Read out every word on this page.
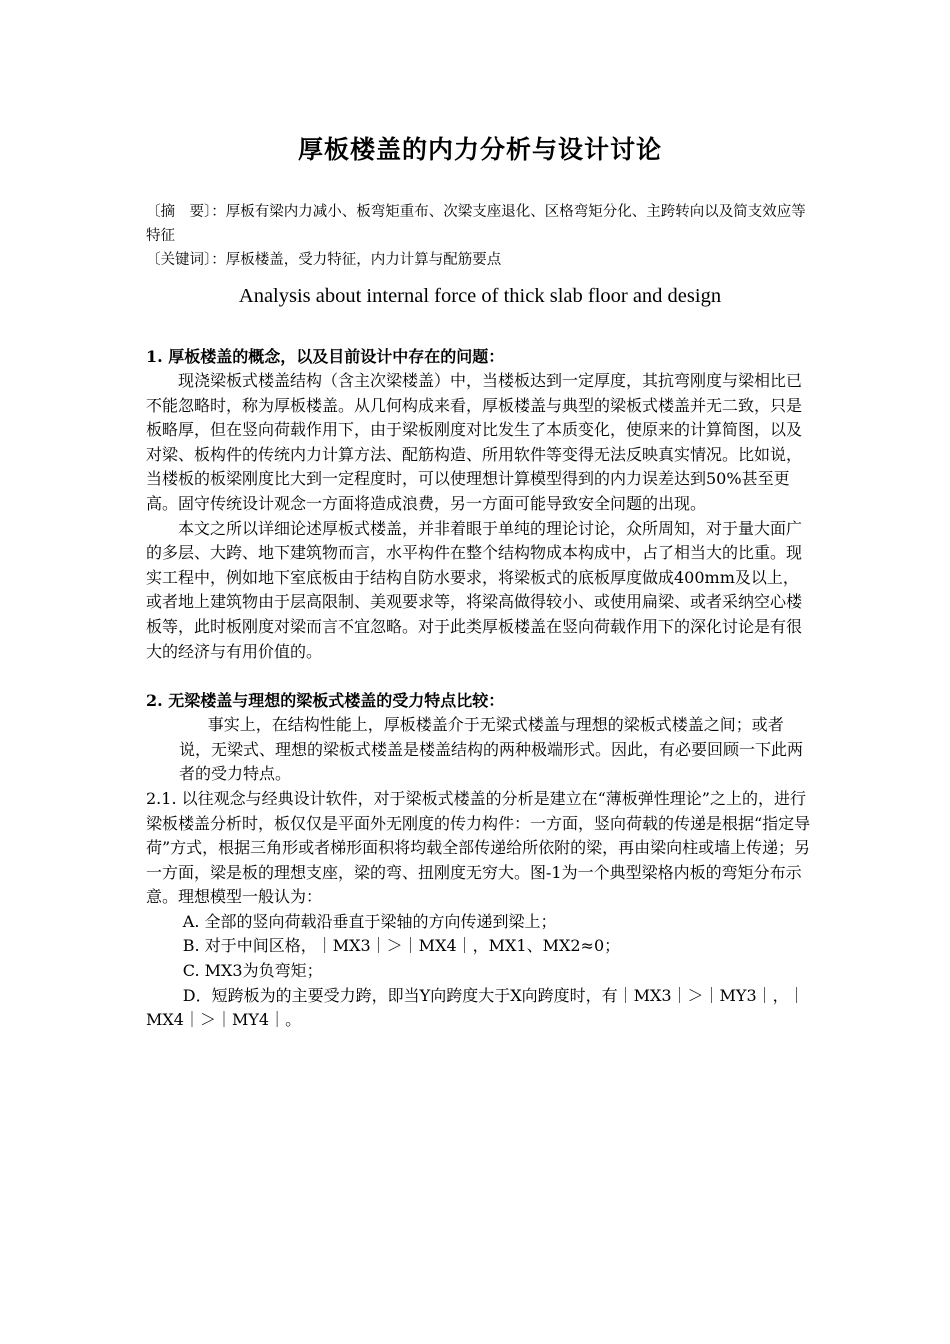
厚板楼盖的内力分析与设计讨论

〔摘　要〕：厚板有梁内力减小、板弯矩重布、次梁支座退化、区格弯矩分化、主跨转向以及简支效应等特征

〔关键词〕：厚板楼盖，受力特征，内力计算与配筋要点

Analysis about internal force of thick slab floor and design

1. 厚板楼盖的概念，以及目前设计中存在的问题：

现浇梁板式楼盖结构（含主次梁楼盖）中，当楼板达到一定厚度，其抗弯刚度与梁相比已不能忽略时，称为厚板楼盖。从几何构成来看，厚板楼盖与典型的梁板式楼盖并无二致，只是板略厚，但在竖向荷载作用下，由于梁板刚度对比发生了本质变化，使原来的计算简图，以及对梁、板构件的传统内力计算方法、配筋构造、所用软件等变得无法反映真实情况。比如说，当楼板的板梁刚度比大到一定程度时，可以使理想计算模型得到的内力误差达到50%甚至更高。固守传统设计观念一方面将造成浪费，另一方面可能导致安全问题的出现。

本文之所以详细论述厚板式楼盖，并非着眼于单纯的理论讨论，众所周知，对于量大面广的多层、大跨、地下建筑物而言，水平构件在整个结构物成本构成中，占了相当大的比重。现实工程中，例如地下室底板由于结构自防水要求，将梁板式的底板厚度做成400mm及以上，或者地上建筑物由于层高限制、美观要求等，将梁高做得较小、或使用扁梁、或者采纳空心楼板等，此时板刚度对梁而言不宜忽略。对于此类厚板楼盖在竖向荷载作用下的深化讨论是有很大的经济与有用价值的。

2. 无梁楼盖与理想的梁板式楼盖的受力特点比较：

事实上，在结构性能上，厚板楼盖介于无梁式楼盖与理想的梁板式楼盖之间；或者说，无梁式、理想的梁板式楼盖是楼盖结构的两种极端形式。因此，有必要回顾一下此两者的受力特点。

2.1. 以往观念与经典设计软件，对于梁板式楼盖的分析是建立在“薄板弹性理论”之上的，进行梁板楼盖分析时，板仅仅是平面外无刚度的传力构件：一方面，竖向荷载的传递是根据“指定导荷”方式，根据三角形或者梯形面积将均载全部传递给所依附的梁，再由梁向柱或墙上传递；另一方面，梁是板的理想支座，梁的弯、扭刚度无穷大。图-1为一个典型梁格内板的弯矩分布示意。理想模型一般认为：

A. 全部的竖向荷载沿垂直于梁轴的方向传递到梁上；

B. 对于中间区格，｜MX3｜＞｜MX4｜，MX1、MX2≈0；

C. MX3为负弯矩；

D．短跨板为的主要受力跨，即当Y向跨度大于X向跨度时，有｜MX3｜＞｜MY3｜，｜MX4｜＞｜MY4｜。
